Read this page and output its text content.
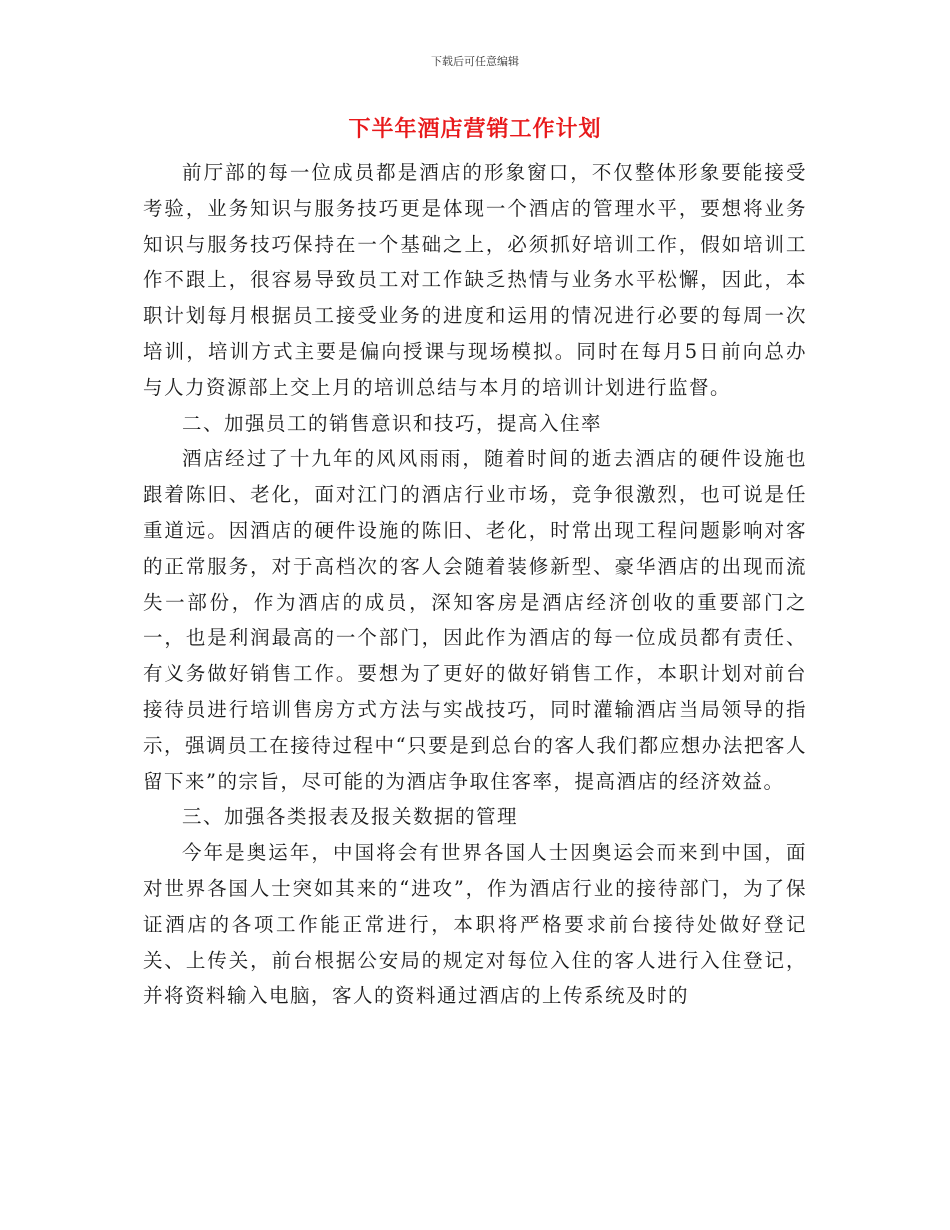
下载后可任意编辑
下半年酒店营销工作计划

前厅部的每一位成员都是酒店的形象窗口，不仅整体形象要能接受考验，业务知识与服务技巧更是体现一个酒店的管理水平，要想将业务知识与服务技巧保持在一个基础之上，必须抓好培训工作，假如培训工作不跟上，很容易导致员工对工作缺乏热情与业务水平松懈，因此，本职计划每月根据员工接受业务的进度和运用的情况进行必要的每周一次培训，培训方式主要是偏向授课与现场模拟。同时在每月5日前向总办与人力资源部上交上月的培训总结与本月的培训计划进行监督。

二、加强员工的销售意识和技巧，提高入住率

酒店经过了十九年的风风雨雨，随着时间的逝去酒店的硬件设施也跟着陈旧、老化，面对江门的酒店行业市场，竞争很激烈，也可说是任重道远。因酒店的硬件设施的陈旧、老化，时常出现工程问题影响对客的正常服务，对于高档次的客人会随着装修新型、豪华酒店的出现而流失一部份，作为酒店的成员，深知客房是酒店经济创收的重要部门之一，也是利润最高的一个部门，因此作为酒店的每一位成员都有责任、有义务做好销售工作。要想为了更好的做好销售工作，本职计划对前台接待员进行培训售房方式方法与实战技巧，同时灌输酒店当局领导的指示，强调员工在接待过程中“只要是到总台的客人我们都应想办法把客人留下来”的宗旨，尽可能的为酒店争取住客率，提高酒店的经济效益。

三、加强各类报表及报关数据的管理

今年是奥运年，中国将会有世界各国人士因奥运会而来到中国，面对世界各国人士突如其来的“进攻”，作为酒店行业的接待部门，为了保证酒店的各项工作能正常进行，本职将严格要求前台接待处做好登记关、上传关，前台根据公安局的规定对每位入住的客人进行入住登记，并将资料输入电脑，客人的资料通过酒店的上传系统及时的
